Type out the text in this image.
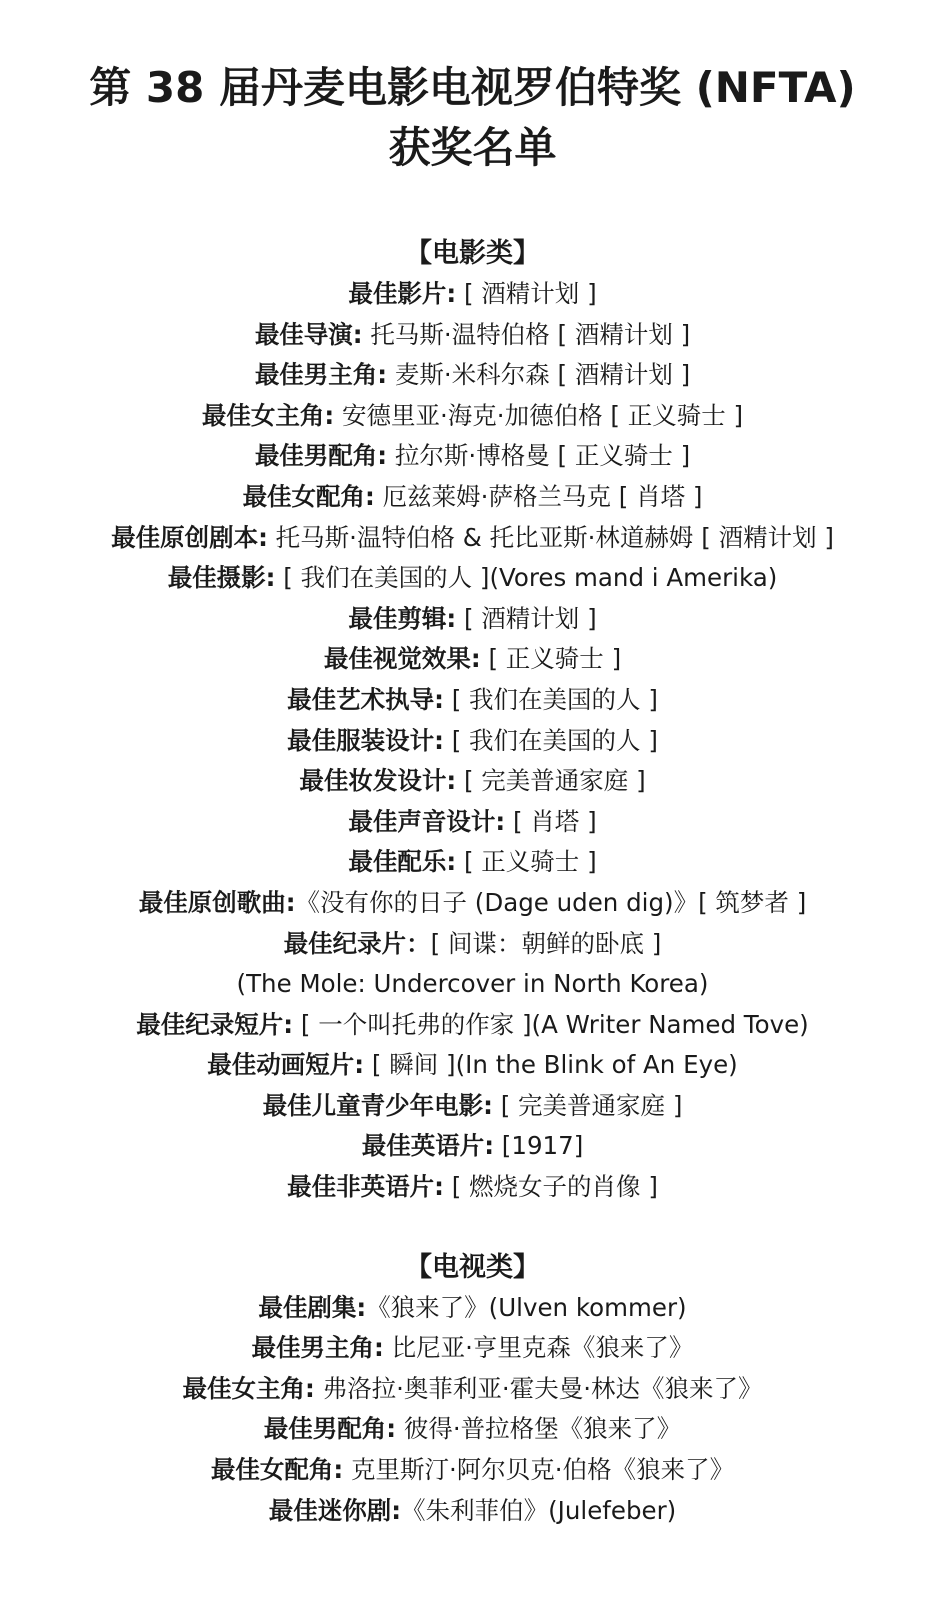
第 38 届丹麦电影电视罗伯特奖 (NFTA)
获奖名单
【电影类】
最佳影片: [ 酒精计划 ]
最佳导演: 托马斯·温特伯格 [ 酒精计划 ]
最佳男主角: 麦斯·米科尔森 [ 酒精计划 ]
最佳女主角: 安德里亚·海克·加德伯格 [ 正义骑士 ]
最佳男配角: 拉尔斯·博格曼 [ 正义骑士 ]
最佳女配角: 厄兹莱姆·萨格兰马克 [ 肖塔 ]
最佳原创剧本: 托马斯·温特伯格 & 托比亚斯·林道赫姆 [ 酒精计划 ]
最佳摄影: [ 我们在美国的人 ](Vores mand i Amerika)
最佳剪辑: [ 酒精计划 ]
最佳视觉效果: [ 正义骑士 ]
最佳艺术执导: [ 我们在美国的人 ]
最佳服装设计: [ 我们在美国的人 ]
最佳妆发设计: [ 完美普通家庭 ]
最佳声音设计: [ 肖塔 ]
最佳配乐: [ 正义骑士 ]
最佳原创歌曲:《没有你的日子 (Dage uden dig)》[ 筑梦者 ]
最佳纪录片：[ 间谍：朝鲜的卧底 ]
(The Mole: Undercover in North Korea)
最佳纪录短片: [ 一个叫托弗的作家 ](A Writer Named Tove)
最佳动画短片: [ 瞬间 ](In the Blink of An Eye)
最佳儿童青少年电影: [ 完美普通家庭 ]
最佳英语片: [1917]
最佳非英语片: [ 燃烧女子的肖像 ]
【电视类】
最佳剧集:《狼来了》(Ulven kommer)
最佳男主角: 比尼亚·亨里克森《狼来了》
最佳女主角: 弗洛拉·奥菲利亚·霍夫曼·林达《狼来了》
最佳男配角: 彼得·普拉格堡《狼来了》
最佳女配角: 克里斯汀·阿尔贝克·伯格《狼来了》
最佳迷你剧:《朱利菲伯》(Julefeber)
